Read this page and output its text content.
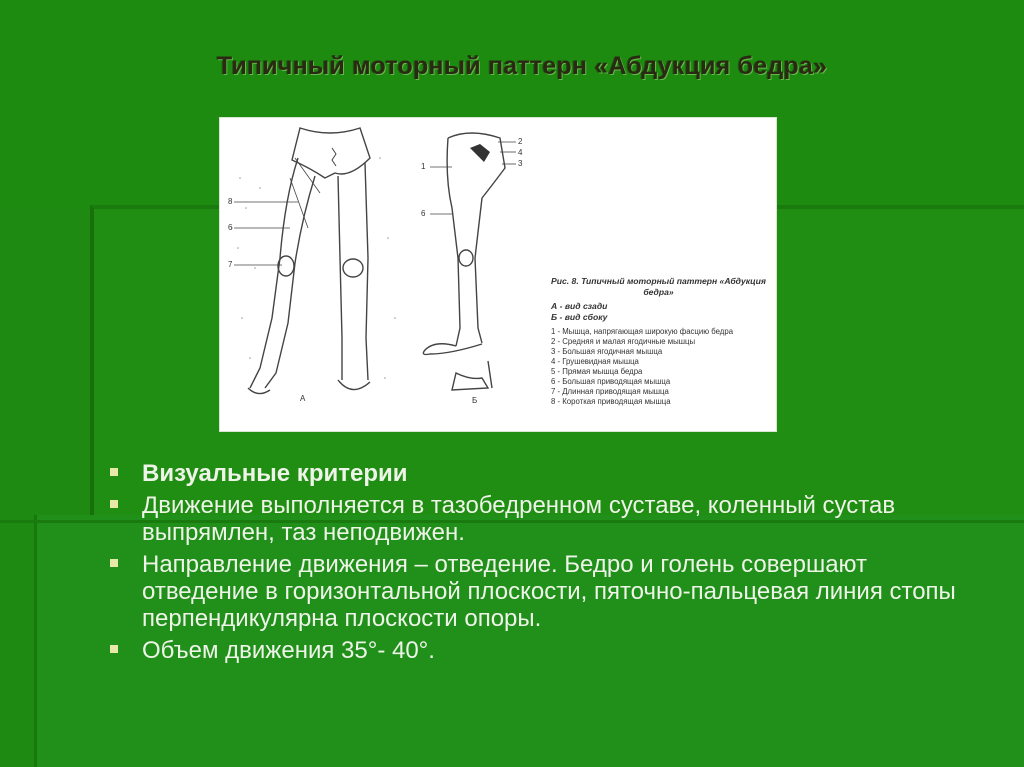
Типичный моторный паттерн «Абдукция бедра»
8
6
7
1
2
4
3
6
А	Б
Рис. 8. Типичный моторный паттерн «Абдукция бедра»
А - вид сзади
Б - вид сбоку
1 - Мышца, напрягающая широкую фасцию бедра
2 - Средняя и малая ягодичные мышцы
3 - Большая ягодичная мышца
4 - Грушевидная мышца
5 - Прямая мышца бедра
6 - Большая приводящая мышца
7 - Длинная приводящая мышца
8 - Короткая приводящая мышца
Визуальные критерии
Движение выполняется в тазобедренном суставе, коленный сустав выпрямлен, таз неподвижен.
Направление движения – отведение. Бедро и голень совершают отведение в горизонтальной плоскости, пяточно-пальцевая линия стопы перпендикулярна плоскости опоры.
Объем движения 35°- 40°.
